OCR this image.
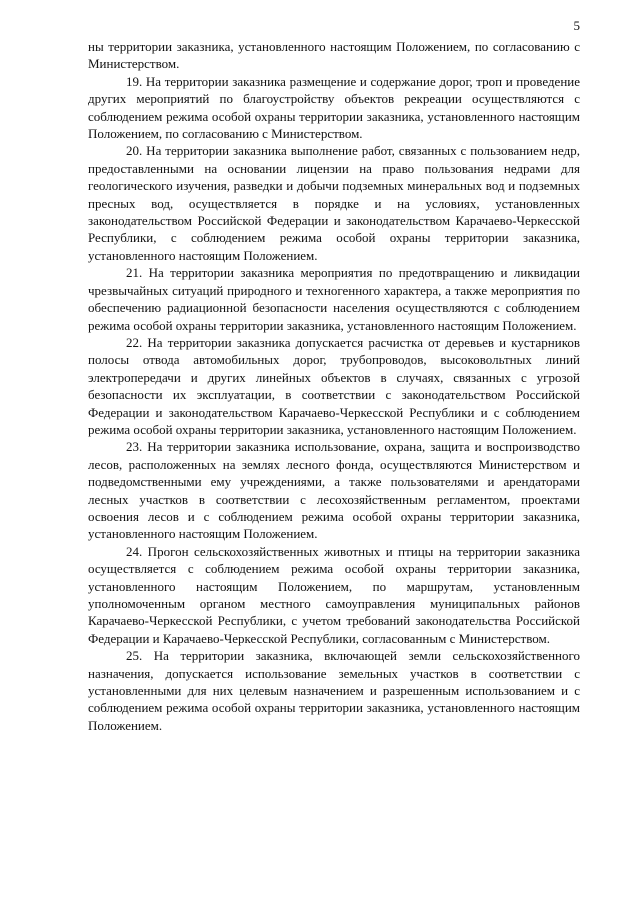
5

ны территории заказника, установленного настоящим Положением, по согласованию с Министерством.

19. На территории заказника размещение и содержание дорог, троп и проведение других мероприятий по благоустройству объектов рекреации осуществляются с соблюдением режима особой охраны территории заказника, установленного настоящим Положением, по согласованию с Министерством.

20. На территории заказника выполнение работ, связанных с пользованием недр, предоставленными на основании лицензии на право пользования недрами для геологического изучения, разведки и добычи подземных минеральных вод и подземных пресных вод, осуществляется в порядке и на условиях, установленных законодательством Российской Федерации и законодательством Карачаево-Черкесской Республики, с соблюдением режима особой охраны территории заказника, установленного настоящим Положением.

21. На территории заказника мероприятия по предотвращению и ликвидации чрезвычайных ситуаций природного и техногенного характера, а также мероприятия по обеспечению радиационной безопасности населения осуществляются с соблюдением режима особой охраны территории заказника, установленного настоящим Положением.

22. На территории заказника допускается расчистка от деревьев и кустарников полосы отвода автомобильных дорог, трубопроводов, высоковольтных линий электропередачи и других линейных объектов в случаях, связанных с угрозой безопасности их эксплуатации, в соответствии с законодательством Российской Федерации и законодательством Карачаево-Черкесской Республики и с соблюдением режима особой охраны территории заказника, установленного настоящим Положением.

23. На территории заказника использование, охрана, защита и воспроизводство лесов, расположенных на землях лесного фонда, осуществляются Министерством и подведомственными ему учреждениями, а также пользователями и арендаторами лесных участков в соответствии с лесохозяйственным регламентом, проектами освоения лесов и с соблюдением режима особой охраны территории заказника, установленного настоящим Положением.

24. Прогон сельскохозяйственных животных и птицы на территории заказника осуществляется с соблюдением режима особой охраны территории заказника, установленного настоящим Положением, по маршрутам, установленным уполномоченным органом местного самоуправления муниципальных районов Карачаево-Черкесской Республики, с учетом требований законодательства Российской Федерации и Карачаево-Черкесской Республики, согласованным с Министерством.

25. На территории заказника, включающей земли сельскохозяйственного назначения, допускается использование земельных участков в соответствии с установленными для них целевым назначением и разрешенным использованием и с соблюдением режима особой охраны территории заказника, установленного настоящим Положением.
